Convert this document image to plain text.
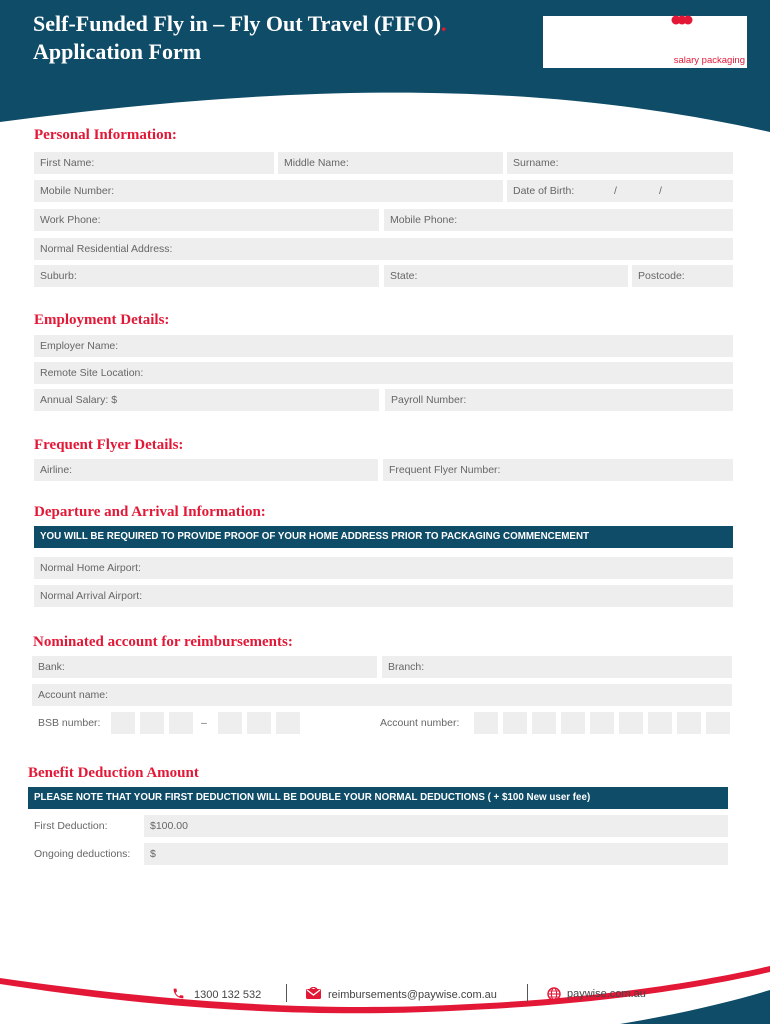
Self-Funded Fly in – Fly Out Travel (FIFO).
Application Form	salary packaging
Personal Information:
First Name:	Middle Name:	Surname:
Mobile Number:	Date of Birth:	/	/
Work Phone:	Mobile Phone:
Normal Residential Address:
Suburb:	State:	Postcode:
Employment Details:
Employer Name:
Remote Site Location:
Annual Salary: $	Payroll Number:
Frequent Flyer Details:
Airline:	Frequent Flyer Number:
Departure and Arrival Information:
YOU WILL BE REQUIRED TO PROVIDE PROOF OF YOUR HOME ADDRESS PRIOR TO PACKAGING COMMENCEMENT
Normal Home Airport:
Normal Arrival Airport:
Nominated account for reimbursements:
Bank:	Branch:
Account name:
BSB number:	–	Account number:
Benefit Deduction Amount
PLEASE NOTE THAT YOUR FIRST DEDUCTION WILL BE DOUBLE YOUR NORMAL DEDUCTIONS ( + $100 New user fee)
First Deduction:	$100.00
Ongoing deductions:	$
1300 132 532	reimbursements@paywise.com.au	paywise.com.au
